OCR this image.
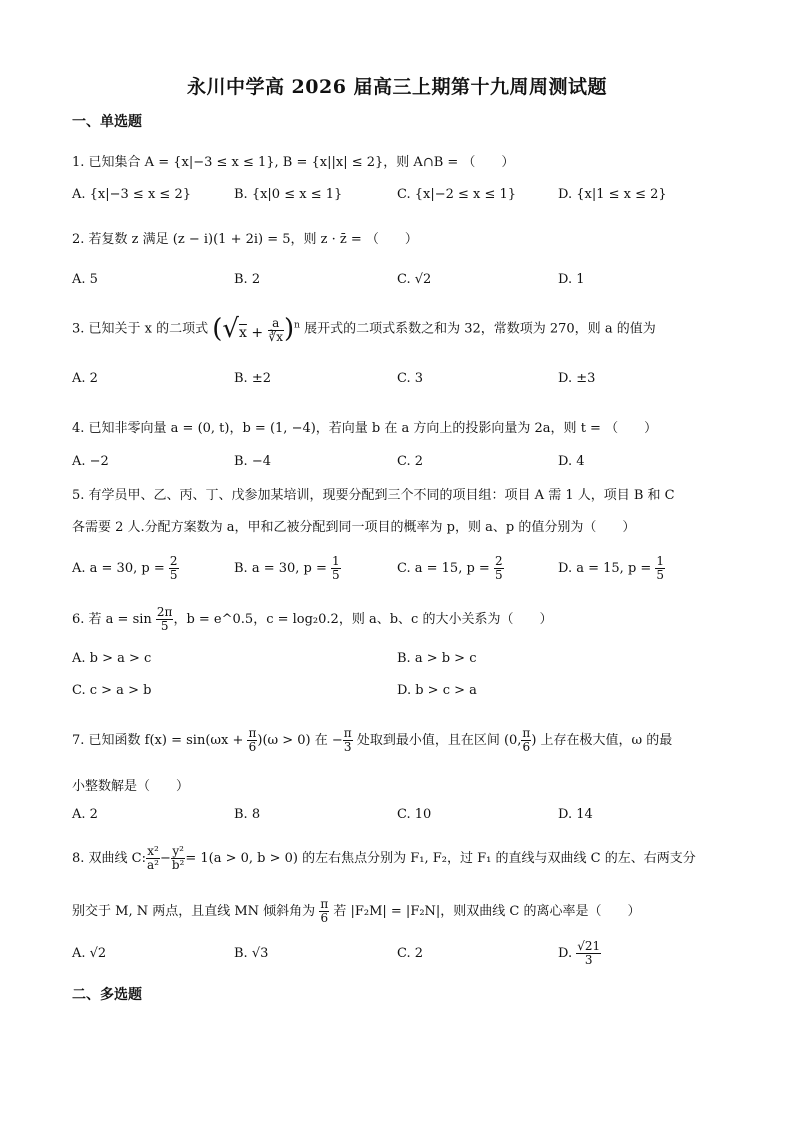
永川中学高 2026 届高三上期第十九周周测试题
一、单选题
1. 已知集合 A = {x|−3 ≤ x ≤ 1}, B = {x||x| ≤ 2}，则 A∩B = （　　）
A. {x|−3 ≤ x ≤ 2}	B. {x|0 ≤ x ≤ 1}	C. {x|−2 ≤ x ≤ 1}	D. {x|1 ≤ x ≤ 2}
2. 若复数 z 满足 (z − i)(1 + 2i) = 5，则 z · z̄ = （　　）
A. 5	B. 2	C. √2	D. 1
3. 已知关于 x 的二项式 $(√x + \frac{a}{∛x} )^n$ 展开式的二项式系数之和为 32，常数项为 270，则 a 的值为
A. 2	B. ±2	C. 3	D. ±3
4. 已知非零向量 a = (0, t)，b = (1, −4)，若向量 b 在 a 方向上的投影向量为 2a，则 t = （　　）
A. −2	B. −4	C. 2	D. 4
5. 有学员甲、乙、丙、丁、戊参加某培训，现要分配到三个不同的项目组：项目 A 需 1 人，项目 B 和 C
各需要 2 人.分配方案数为 a，甲和乙被分配到同一项目的概率为 p，则 a、p 的值分别为（　　）
A. a = 30, $p = \frac{2}{5}$	B. a = 30, $p = \frac{1}{5}$	C. a = 15, $p = \frac{2}{5}$	D. a = 15, $p = \frac{1}{5}$
6. 若 $a = \sin \frac{2\pi}{5}$ ，b = e^0.5，c = log₂0.2，则 a、b、c 的大小关系为（　　）
A. b > a > c	B. a > b > c
C. c > a > b	D. b > c > a
7. 已知函数 $f(x) = \sin(\omega x + \frac{\pi}{6} )(\omega > 0)$ 在 − $\frac{\pi}{3}$ 处取到最小值，且在区间 (0, $\frac{\pi}{6}$ ) 上存在极大值，ω 的最
小整数解是（　　）
A. 2	B. 8	C. 10	D. 14
8. 双曲线 C: $\frac{\text{x²}}{\text{a²}} - \frac{\text{y²}}{\text{b²}} = 1(a > 0$, b > 0) 的左右焦点分别为 F₁, F₂，过 F₁ 的直线与双曲线 C 的左、右两支分
别交于 M, N 两点，且直线 MN 倾斜角为 $\frac{\pi}{6}$ 若 |F₂M| = |F₂N|，则双曲线 C 的离心率是（　　）
A. √2	B. √3	C. 2	D. $\frac{√21}{3}$
二、多选题
